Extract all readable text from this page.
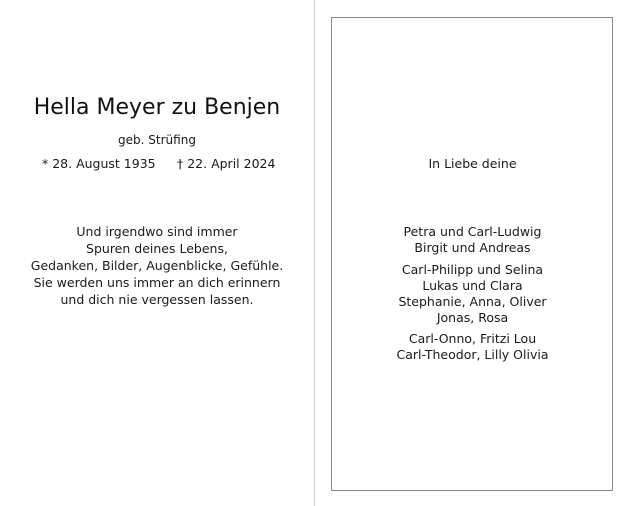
Hella Meyer zu Benjen
geb. Strüfing
* 28. August 1935 † 22. April 2024
Und irgendwo sind immer
Spuren deines Lebens,
Gedanken, Bilder, Augenblicke, Gefühle.
Sie werden uns immer an dich erinnern
und dich nie vergessen lassen.
In Liebe deine
Petra und Carl-Ludwig
Birgit und Andreas
Carl-Philipp und Selina
Lukas und Clara
Stephanie, Anna, Oliver
Jonas, Rosa
Carl-Onno, Fritzi Lou
Carl-Theodor, Lilly Olivia
